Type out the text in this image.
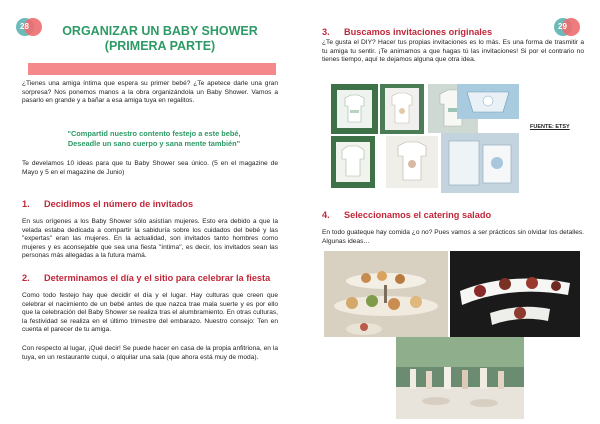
28	ORGANIZAR UN BABY SHOWER
(PRIMERA PARTE)
¿Tienes una amiga íntima que espera su primer bebé? ¿Te apetece darle una gran sorpresa? Nos ponemos manos a la obra organizándola un Baby Shower. Vamos a pasarlo en grande y a bañar a esa amiga tuya en regalitos.
"Compartid nuestro contento festejo a este bebé,
Deseadle un sano cuerpo y sana mente también"
Te develamos 10 ideas para que tu Baby Shower sea único. (5 en el magazine de Mayo y 5 en el magazine de Junio)
1. Decidimos el número de invitados
En sus orígenes a los Baby Shower sólo asistían mujeres. Esto era debido a que la velada estaba dedicada a compartir la sabiduría sobre los cuidados del bebé y las "expertas" eran las mujeres. En la actualidad, son invitados tanto hombres como mujeres y es aconsejable que sea una fiesta "íntima", es decir, los invitados sean las personas más allegadas a la futura mamá.
2. Determinamos el día y el sitio para celebrar la fiesta
Como todo festejo hay que decidir el día y el lugar. Hay culturas que creen que celebrar el nacimiento de un bebé antes de que nazca trae mala suerte y es por ello que la celebración del Baby Shower se realiza tras el alumbramiento. En otras culturas, la festividad se realiza en el último trimestre del embarazo. Nuestro consejo: Ten en cuenta el parecer de tu amiga.
Con respecto al lugar, ¡Qué decir! Se puede hacer en casa de la propia anfitriona, en la tuya, en un restaurante cuqui, o alquilar una sala (que ahora está muy de moda).
29
3. Buscamos invitaciones originales
¿Te gusta el DIY? Hacer tus propias invitaciones es lo más. Es una forma de trasmitir a tu amiga tu sentir. ¡Te animamos a que hagas tú las invitaciones! Si por el contrario no tienes tiempo, aquí te dejamos alguna que otra idea.
FUENTE: ETSY
4. Seleccionamos el catering salado
En todo guateque hay comida ¿o no? Pues vamos a ser prácticos sin olvidar los detalles. Algunas ideas…
